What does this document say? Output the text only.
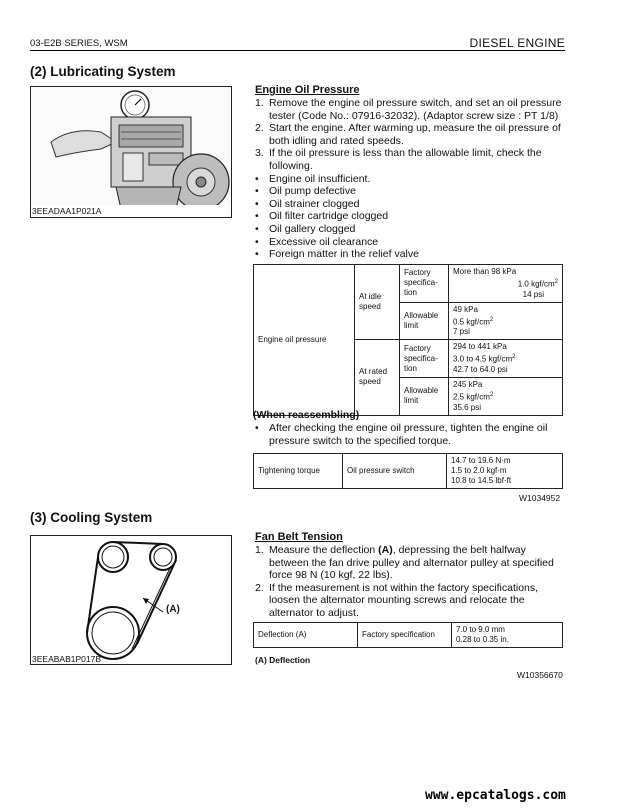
03-E2B SERIES, WSM	DIESEL ENGINE
(2) Lubricating System
3EEADAA1P021A
Engine Oil Pressure
1. Remove the engine oil pressure switch, and set an oil pressure tester (Code No.: 07916-32032). (Adaptor screw size : PT 1/8)
2. Start the engine. After warming up, measure the oil pressure of both idling and rated speeds.
3. If the oil pressure is less than the allowable limit, check the following.
• Engine oil insufficient.
• Oil pump defective
• Oil strainer clogged
• Oil filter cartridge clogged
• Oil gallery clogged
• Excessive oil clearance
• Foreign matter in the relief valve
Engine oil pressure	At idle speed	Factory specifica-tion	More than 98 kPa
1.0 kgf/$cm^2$
14 psi

		Allowable limit	49 kPa
0.5 kgf/$cm^2$
7 psi

	At rated speed	Factory specifica-tion	294 to 441 kPa
3.0 to 4.5 kgf/$cm^2$
42.7 to 64.0 psi

		Allowable limit	245 kPa
2.5 kgf/$cm^2$
35.6 psi
(When reassembling)
• After checking the engine oil pressure, tighten the engine oil pressure switch to the specified torque.
Tightening torque	Oil pressure switch	
14.7 to 19.6 N·m
1.5 to 2.0 kgf·m
10.8 to 14.5 lbf·ft
W1034952
(3) Cooling System
(A)
3EEABAB1P017B
Fan Belt Tension
1. Measure the deflection (A), depressing the belt halfway between the fan drive pulley and alternator pulley at specified force 98 N (10 kgf, 22 lbs).
2. If the measurement is not within the factory specifications, loosen the alternator mounting screws and relocate the alternator to adjust.
Deflection (A)	Factory specification	
7.0 to 9.0 mm
0.28 to 0.35 in.
(A) Deflection
W10356670
www.epcatalogs.com
